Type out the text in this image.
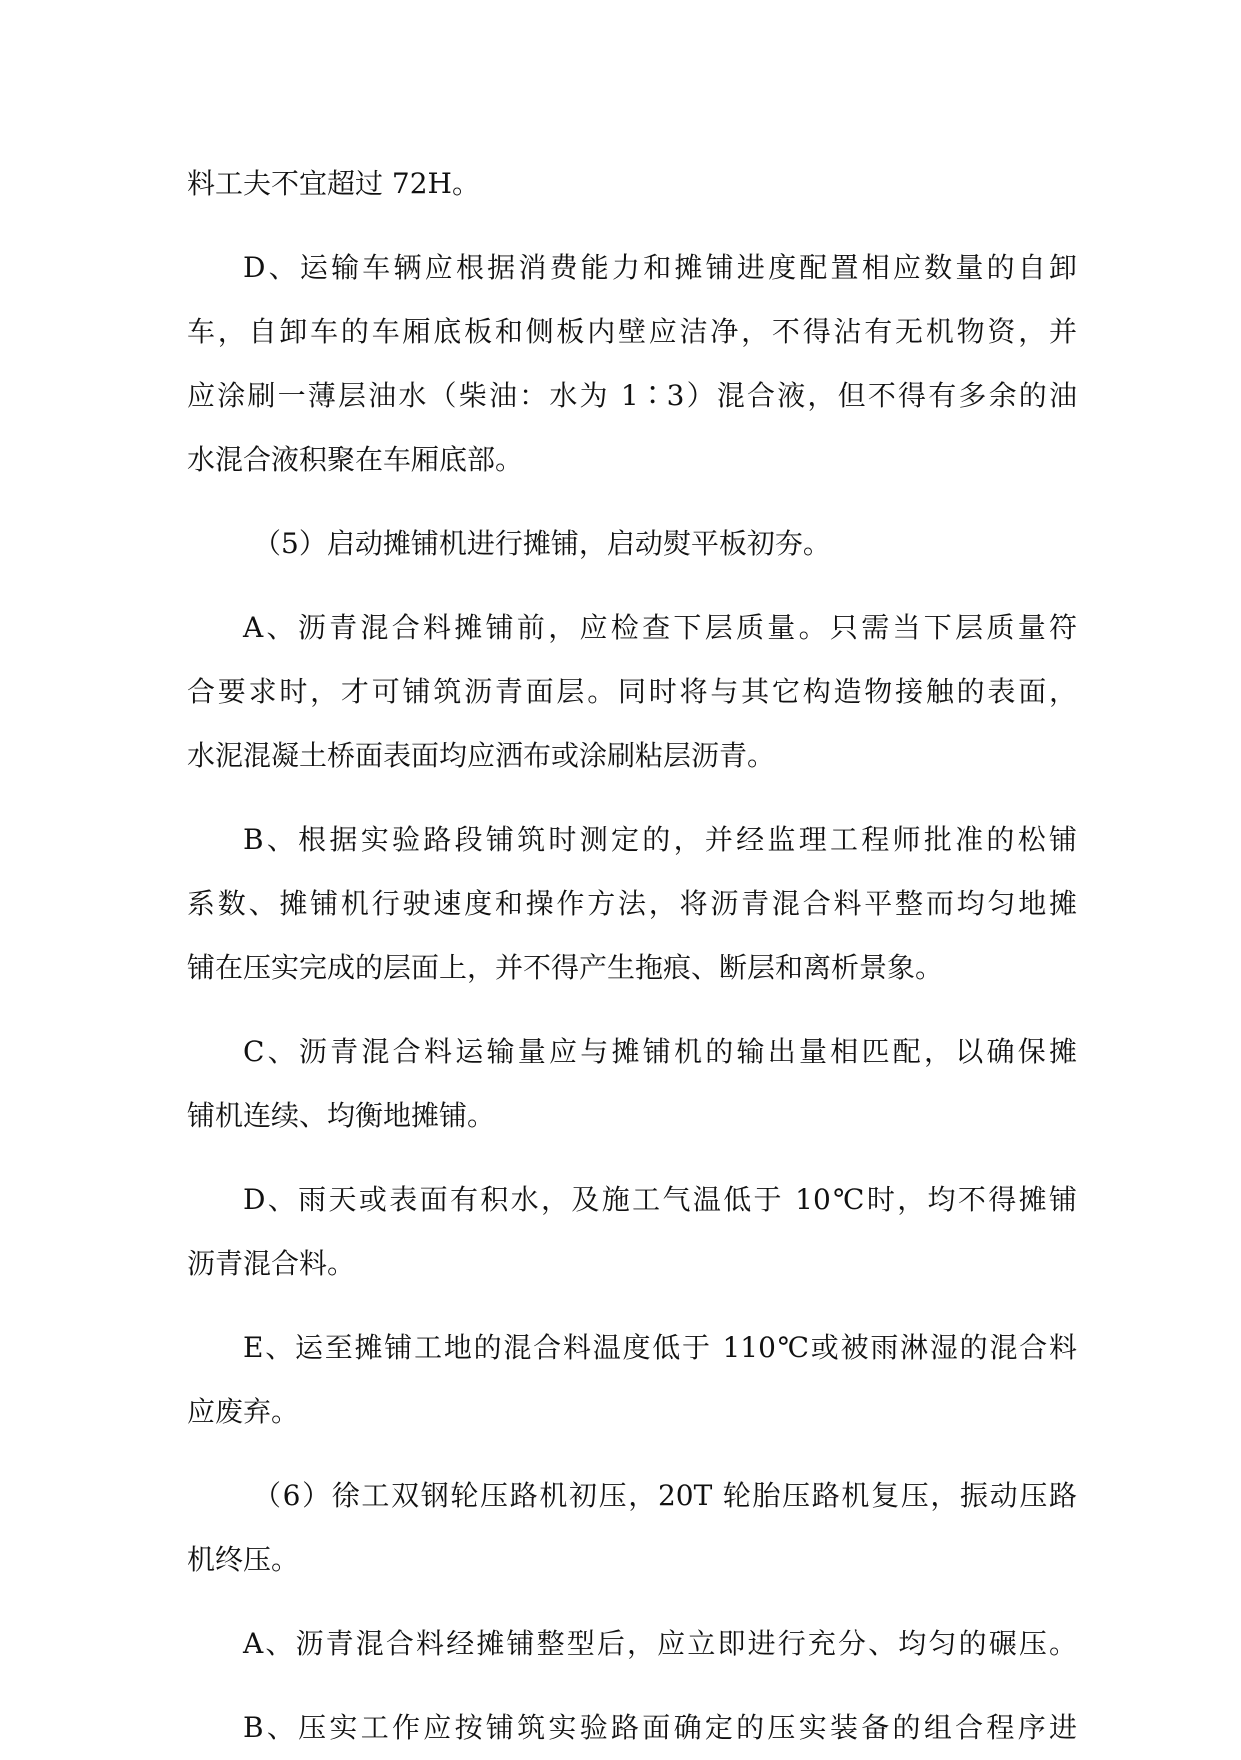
料工夫不宜超过 72H。
D、运输车辆应根据消费能力和摊铺进度配置相应数量的自卸
车，自卸车的车厢底板和侧板内壁应洁净，不得沾有无机物资，并
应涂刷一薄层油水（柴油：水为 1∶3）混合液，但不得有多余的油
水混合液积聚在车厢底部。
（5）启动摊铺机进行摊铺，启动熨平板初夯。
A、沥青混合料摊铺前，应检查下层质量。只需当下层质量符
合要求时，才可铺筑沥青面层。同时将与其它构造物接触的表面，
水泥混凝土桥面表面均应洒布或涂刷粘层沥青。
B、根据实验路段铺筑时测定的，并经监理工程师批准的松铺
系数、摊铺机行驶速度和操作方法，将沥青混合料平整而均匀地摊
铺在压实完成的层面上，并不得产生拖痕、断层和离析景象。
C、沥青混合料运输量应与摊铺机的输出量相匹配，以确保摊
铺机连续、均衡地摊铺。
D、雨天或表面有积水，及施工气温低于 10℃时，均不得摊铺
沥青混合料。
E、运至摊铺工地的混合料温度低于 110℃或被雨淋湿的混合料
应废弃。
（6）徐工双钢轮压路机初压，20T 轮胎压路机复压，振动压路
机终压。
A、沥青混合料经摊铺整型后，应立即进行充分、均匀的碾压。
B、压实工作应按铺筑实验路面确定的压实装备的组合程序进
